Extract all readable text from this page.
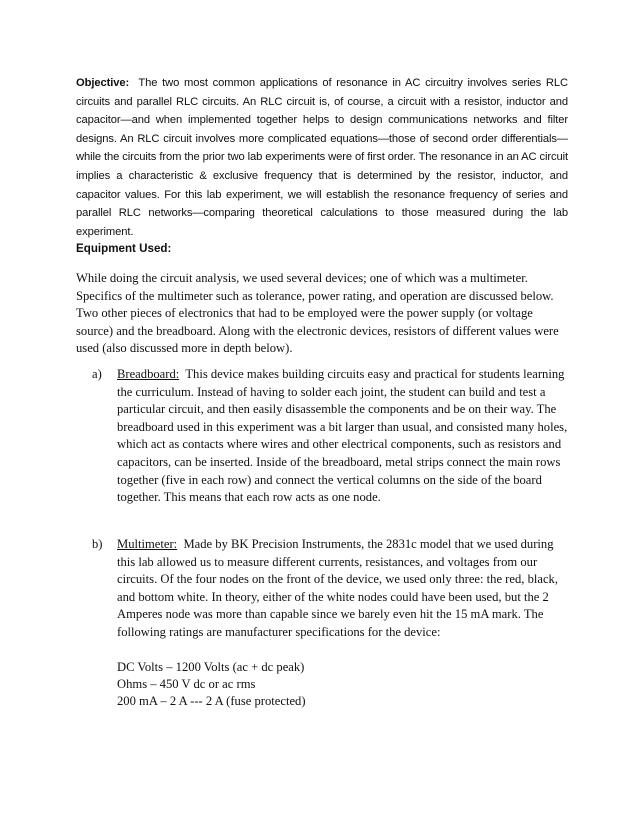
Objective: The two most common applications of resonance in AC circuitry involves series RLC circuits and parallel RLC circuits. An RLC circuit is, of course, a circuit with a resistor, inductor and capacitor—and when implemented together helps to design communications networks and filter designs. An RLC circuit involves more complicated equations—those of second order differentials—while the circuits from the prior two lab experiments were of first order. The resonance in an AC circuit implies a characteristic & exclusive frequency that is determined by the resistor, inductor, and capacitor values. For this lab experiment, we will establish the resonance frequency of series and parallel RLC networks—comparing theoretical calculations to those measured during the lab experiment.
Equipment Used:
While doing the circuit analysis, we used several devices; one of which was a multimeter. Specifics of the multimeter such as tolerance, power rating, and operation are discussed below. Two other pieces of electronics that had to be employed were the power supply (or voltage source) and the breadboard. Along with the electronic devices, resistors of different values were used (also discussed more in depth below).
a) Breadboard: This device makes building circuits easy and practical for students learning the curriculum. Instead of having to solder each joint, the student can build and test a particular circuit, and then easily disassemble the components and be on their way. The breadboard used in this experiment was a bit larger than usual, and consisted many holes, which act as contacts where wires and other electrical components, such as resistors and capacitors, can be inserted. Inside of the breadboard, metal strips connect the main rows together (five in each row) and connect the vertical columns on the side of the board together. This means that each row acts as one node.
b) Multimeter: Made by BK Precision Instruments, the 2831c model that we used during this lab allowed us to measure different currents, resistances, and voltages from our circuits. Of the four nodes on the front of the device, we used only three: the red, black, and bottom white. In theory, either of the white nodes could have been used, but the 2 Amperes node was more than capable since we barely even hit the 15 mA mark. The following ratings are manufacturer specifications for the device:
DC Volts – 1200 Volts (ac + dc peak)
Ohms – 450 V dc or ac rms
200 mA – 2 A --- 2 A (fuse protected)
